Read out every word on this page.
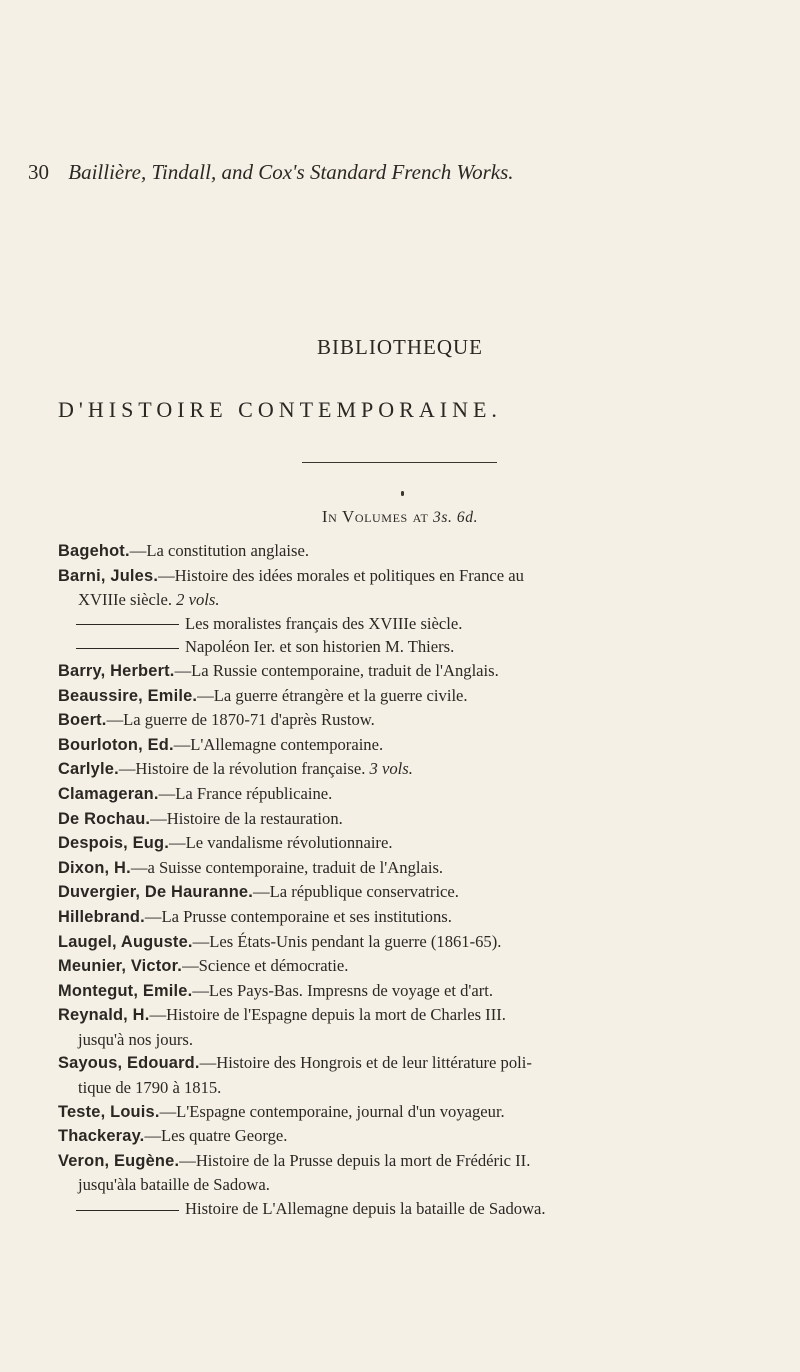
30 Baillière, Tindall, and Cox's Standard French Works.
BIBLIOTHEQUE
D'HISTOIRE CONTEMPORAINE.
In Volumes at 3s. 6d.
Bagehot.—La constitution anglaise.
Barni, Jules.—Histoire des idées morales et politiques en France au
XVIIIe siècle. 2 vols.
Les moralistes français des XVIIIe siècle.
Napoléon Ier. et son historien M. Thiers.
Barry, Herbert.—La Russie contemporaine, traduit de l'Anglais.
Beaussire, Emile.—La guerre étrangère et la guerre civile.
Boert.—La guerre de 1870-71 d'après Rustow.
Bourloton, Ed.—L'Allemagne contemporaine.
Carlyle.—Histoire de la révolution française. 3 vols.
Clamageran.—La France républicaine.
De Rochau.—Histoire de la restauration.
Despois, Eug.—Le vandalisme révolutionnaire.
Dixon, H.—a Suisse contemporaine, traduit de l'Anglais.
Duvergier, De Hauranne.—La république conservatrice.
Hillebrand.—La Prusse contemporaine et ses institutions.
Laugel, Auguste.—Les États-Unis pendant la guerre (1861-65).
Meunier, Victor.—Science et démocratie.
Montegut, Emile.—Les Pays-Bas. Impresns de voyage et d'art.
Reynald, H.—Histoire de l'Espagne depuis la mort de Charles III.
jusqu'à nos jours.
Sayous, Edouard.—Histoire des Hongrois et de leur littérature poli-
tique de 1790 à 1815.
Teste, Louis.—L'Espagne contemporaine, journal d'un voyageur.
Thackeray.—Les quatre George.
Veron, Eugène.—Histoire de la Prusse depuis la mort de Frédéric II.
jusqu'àla bataille de Sadowa.
Histoire de L'Allemagne depuis la bataille de Sadowa.
